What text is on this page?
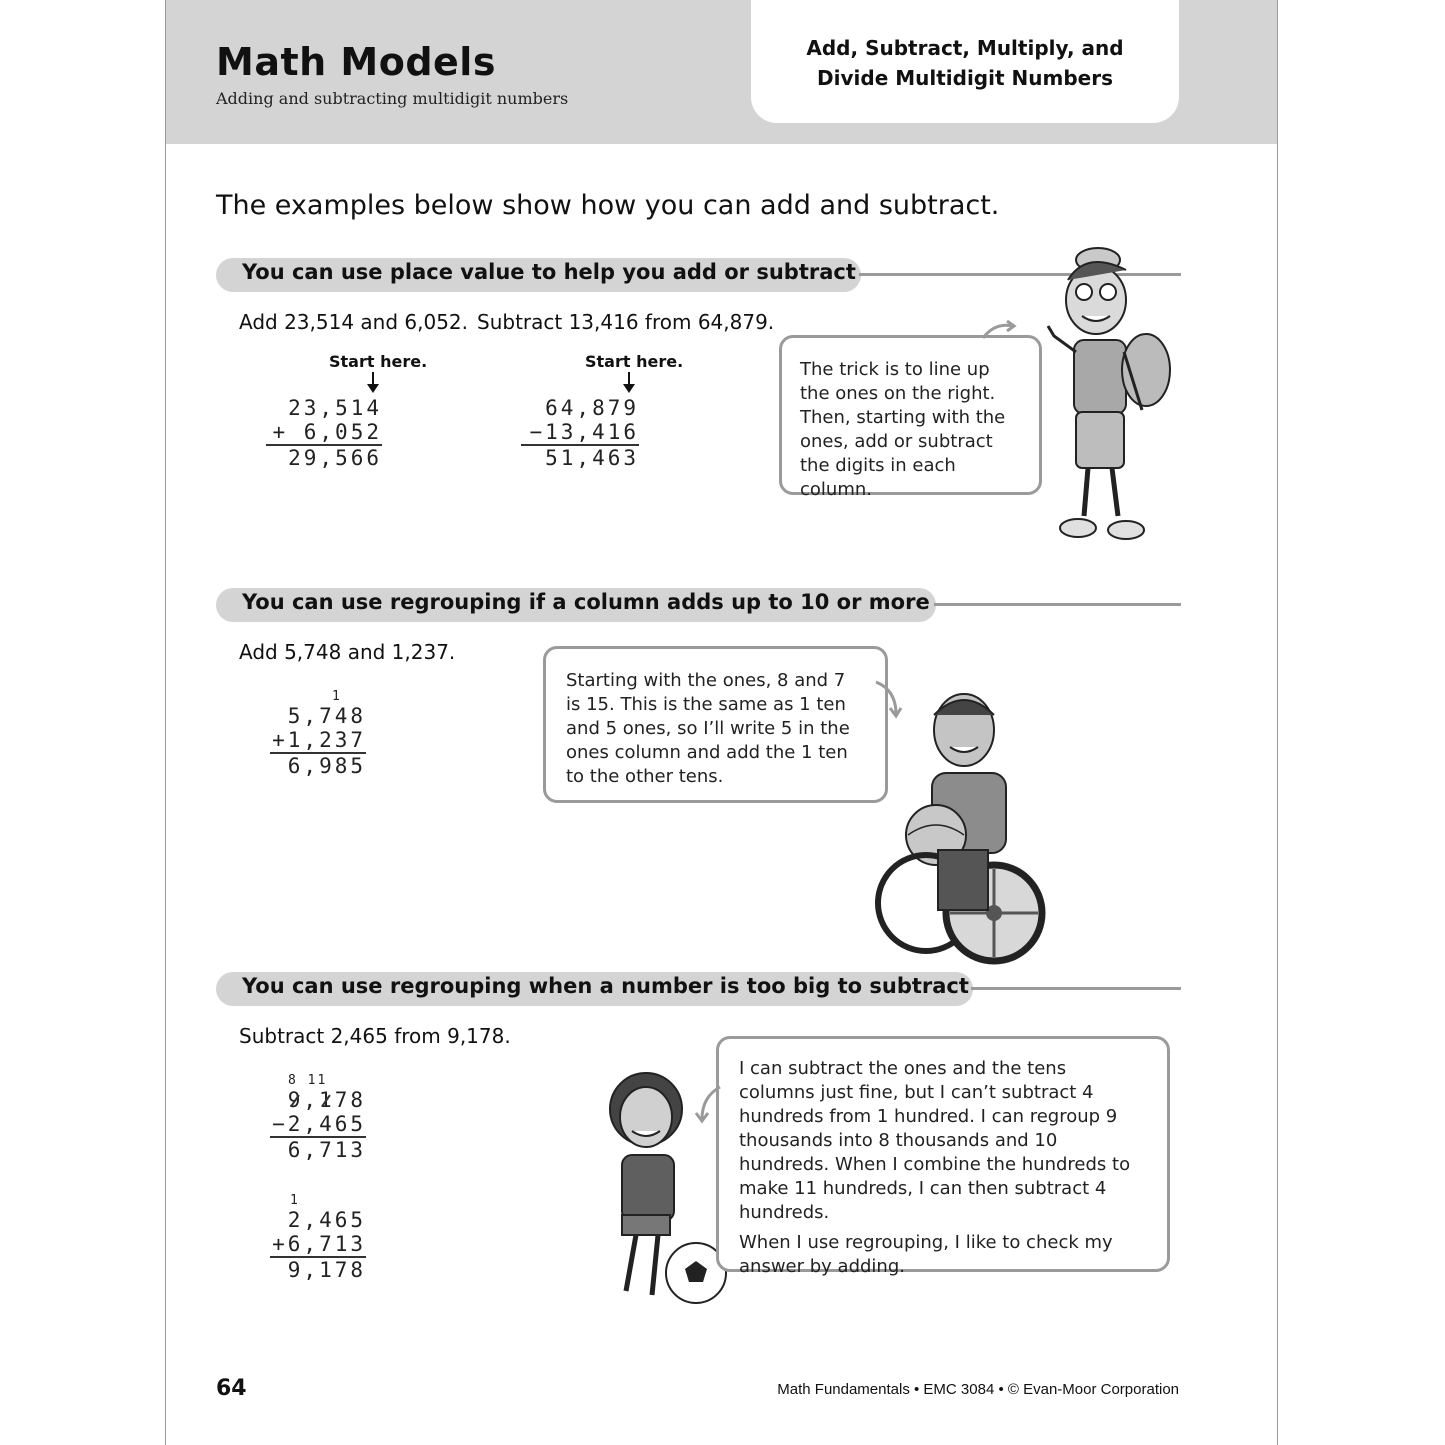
Math Models
Adding and subtracting multidigit numbers
Add, Subtract, Multiply, and
Divide Multidigit Numbers
The examples below show how you can add and subtract.
You can use place value to help you add or subtract
Add 23,514 and 6,052. Subtract 13,416 from 64,879.
Start here.
23,514
+ 6,052
29,566
Start here.
64,879
−13,416
51,463

The trick is to line up the ones on the right. Then, starting with the ones, add or subtract the digits in each column.

You can use regrouping if a column adds up to 10 or more
Add 5,748 and 1,237.
1
5,748
+1,237
6,985

Starting with the ones, 8 and 7 is 15. This is the same as 1 ten and 5 ones, so I’ll write 5 in the ones column and add the 1 ten to the other tens.

You can use regrouping when a number is too big to subtract
Subtract 2,465 from 9,178.
8 11
9,178
−2,465
6,713
1
2,465
+6,713
9,178

I can subtract the ones and the tens columns just fine, but I can’t subtract 4 hundreds from 1 hundred. I can regroup 9 thousands into 8 thousands and 10 hundreds. When I combine the hundreds to make 11 hundreds, I can then subtract 4 hundreds.

When I use regrouping, I like to check my answer by adding.

64	Math Fundamentals • EMC 3084 • © Evan-Moor Corporation
